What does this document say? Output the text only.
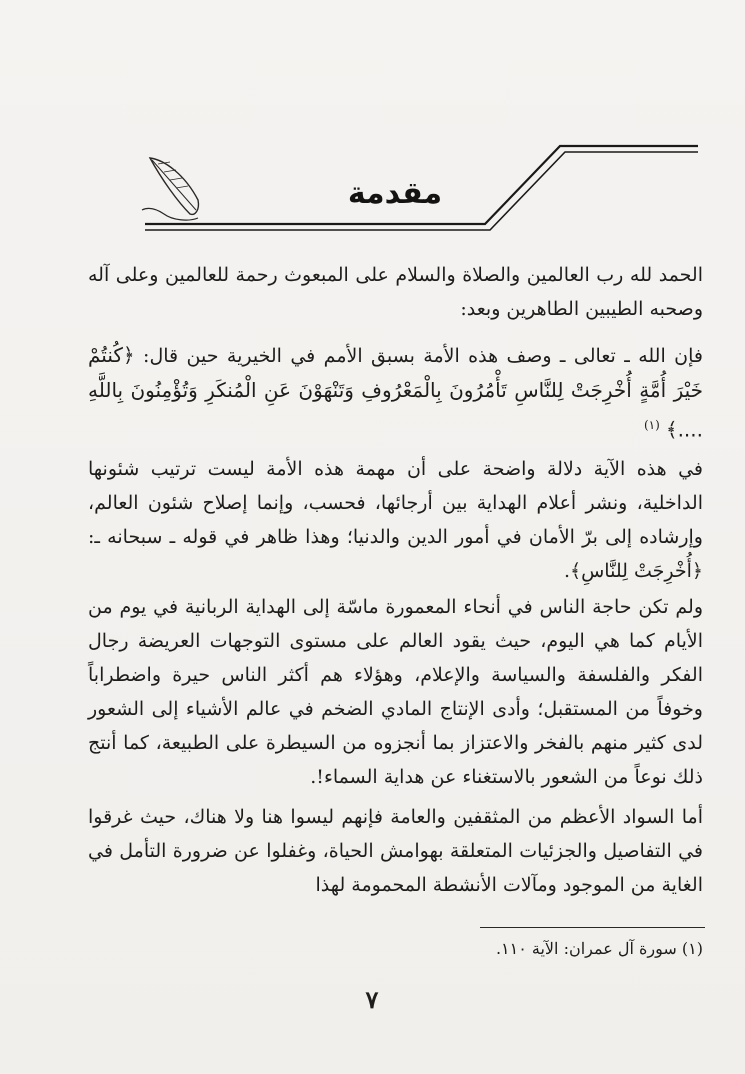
مقدمة

الحمد لله رب العالمين والصلاة والسلام على المبعوث رحمة للعالمين وعلى آله وصحبه الطيبين الطاهرين وبعد:

فإن الله ـ تعالى ـ وصف هذه الأمة بسبق الأمم في الخيرية حين قال: ﴿كُنتُمْ خَيْرَ أُمَّةٍ أُخْرِجَتْ لِلنَّاسِ تَأْمُرُونَ بِالْمَعْرُوفِ وَتَنْهَوْنَ عَنِ الْمُنكَرِ وَتُؤْمِنُونَ بِاللَّهِ ....﴾ $^{(١)}$

في هذه الآية دلالة واضحة على أن مهمة هذه الأمة ليست ترتيب شئونها الداخلية، ونشر أعلام الهداية بين أرجائها، فحسب، وإنما إصلاح شئون العالم، وإرشاده إلى برّ الأمان في أمور الدين والدنيا؛ وهذا ظاهر في قوله ـ سبحانه ـ: ﴿أُخْرِجَتْ لِلنَّاسِ﴾.

ولم تكن حاجة الناس في أنحاء المعمورة ماسّة إلى الهداية الربانية في يوم من الأيام كما هي اليوم، حيث يقود العالم على مستوى التوجهات العريضة رجال الفكر والفلسفة والسياسة والإعلام، وهؤلاء هم أكثر الناس حيرة واضطراباً وخوفاً من المستقبل؛ وأدى الإنتاج المادي الضخم في عالم الأشياء إلى الشعور لدى كثير منهم بالفخر والاعتزاز بما أنجزوه من السيطرة على الطبيعة، كما أنتج ذلك نوعاً من الشعور بالاستغناء عن هداية السماء!.

أما السواد الأعظم من المثقفين والعامة فإنهم ليسوا هنا ولا هناك، حيث غرقوا في التفاصيل والجزئيات المتعلقة بهوامش الحياة، وغفلوا عن ضرورة التأمل في الغاية من الموجود ومآلات الأنشطة المحمومة لهذا

(١) سورة آل عمران: الآية ١١٠.

٧
